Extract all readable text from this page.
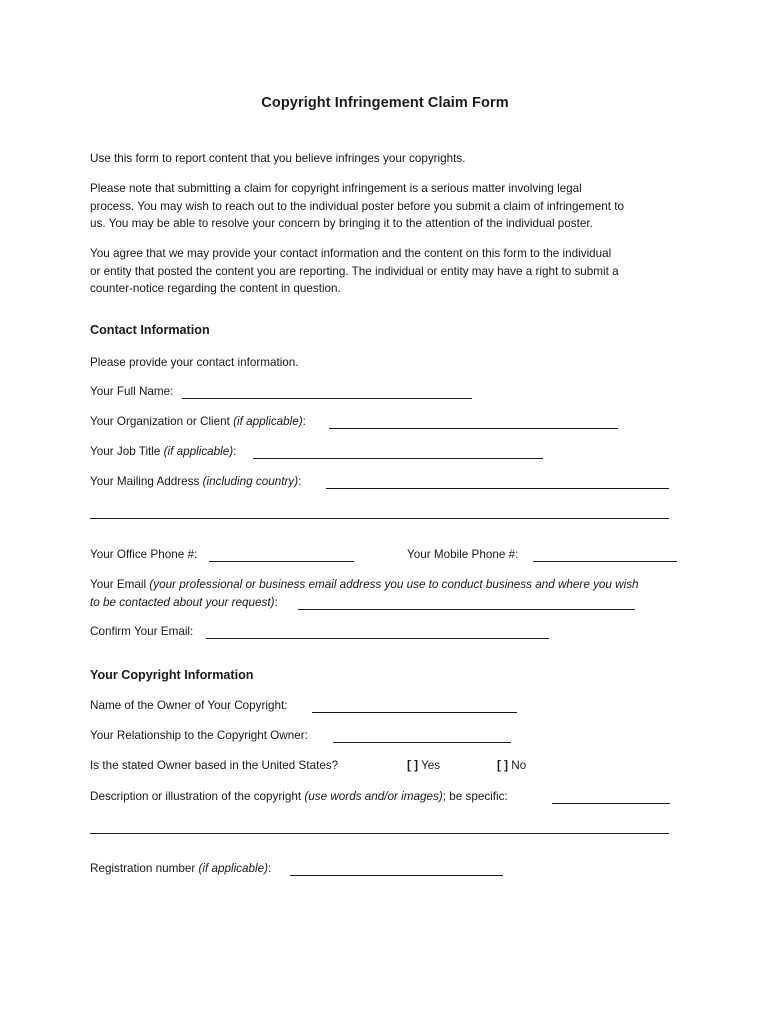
Copyright Infringement Claim Form
Use this form to report content that you believe infringes your copyrights.
Please note that submitting a claim for copyright infringement is a serious matter involving legal
process. You may wish to reach out to the individual poster before you submit a claim of infringement to
us. You may be able to resolve your concern by bringing it to the attention of the individual poster.
You agree that we may provide your contact information and the content on this form to the individual
or entity that posted the content you are reporting. The individual or entity may have a right to submit a
counter-notice regarding the content in question.
Contact Information
Please provide your contact information.
Your Full Name:
Your Organization or Client (if applicable):
Your Job Title (if applicable):
Your Mailing Address (including country):
Your Office Phone #:	Your Mobile Phone #:
Your Email (your professional or business email address you use to conduct business and where you wish
to be contacted about your request):
Confirm Your Email:
Your Copyright Information
Name of the Owner of Your Copyright:
Your Relationship to the Copyright Owner:
Is the stated Owner based in the United States?	[ ] Yes	[ ] No
Description or illustration of the copyright (use words and/or images); be specific:
Registration number (if applicable):
